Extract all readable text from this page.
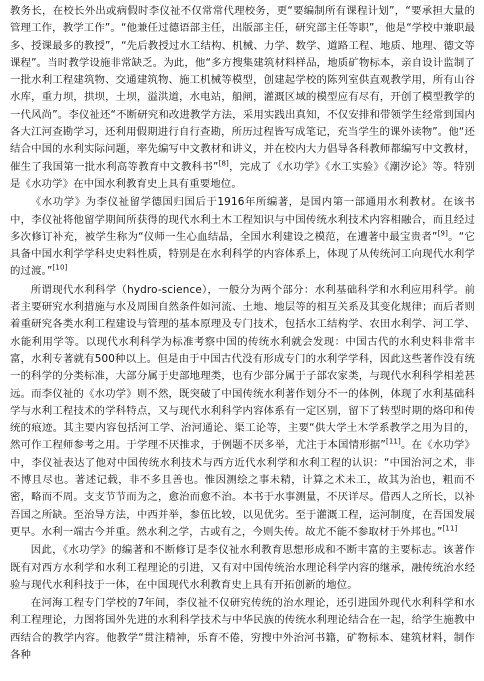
教务长，在校长外出或病假时李仪祉不仅常常代理校务，更“要编制所有课程计划”，“要承担大量的管理工作，教学工作”。“他兼任过德语部主任，出版部主任，研究部主任等职”，他是“学校中兼职最多、授课最多的教授”，“先后教授过水工结构、机械、力学、数学、道路工程、地质、地理、德文等课程”。当时教学设施非常缺乏。为此，他“多方搜集建筑材料样品，地质矿物标本，亲自设计监制了一批水利工程建筑物、交通建筑物、施工机械等模型，创建起学校的陈列室供直观教学用，所有山谷水库，重力坝，拱坝，土坝，溢洪道，水电站，船闸，灌溉区域的模型应有尽有，开创了模型教学的一代风尚”。李仪祉还“不断研究和改进教学方法，采用实践出真知，不仅安排和带领学生经常到国内各大江河查勘学习，还利用假期进行自行查勘，所历过程皆写成笔记，充当学生的课外读物”。他“还结合中国的水利实际问题，率先编写中文教材和讲义，并在校内大力倡导各科教师都编写中文教材，催生了我国第一批水利高等教育中文教科书”[8]，完成了《水功学》《水工实验》《潮汐论》等。特别是《水功学》在中国水利教育史上具有重要地位。

《水功学》为李仪祉留学德国归国后于1916年所编著，是国内第一部通用水利教材。在该书中，李仪祉将他留学期间所获得的现代水利土木工程知识与中国传统水利技术内容相融合，而且经过多次修订补充，被学生称为“仪师一生心血结晶，全国水利建设之模范，在遭著中最宝贵者”[9]。“它具备中国水利学学科史史料性质，特别是在水利科学的内容体系上，体现了从传统河工向现代水利学的过渡。”[10]

所谓现代水利科学（hydro-science），一般分为两个部分：水利基础科学和水利应用科学。前者主要研究水利措施与水及周围自然条件如河流、土地、地层等的相互关系及其变化规律；而后者则着重研究各类水利工程建设与管理的基本原理及专门技术，包括水工结构学、农田水利学、河工学、水能利用学等。以现代水利科学为标准考察中国的传统水利就会发现：中国古代的水利史料非常丰富，水利专著就有500种以上。但是由于中国古代没有形成专门的水利学学科，因此这些著作没有统一的科学的分类标准，大部分属于史部地理类，也有少部分属于子部农家类，与现代水利科学相差甚远。而李仪祉的《水功学》则不然，既突破了中国传统水利著作划分不一的体例，体现了水利基础科学与水利工程技术的学科特点，又与现代水利科学内容体系有一定区别，留下了转型时期的烙印和传统的痕迹。其主要内容包括河工学、治河通论、渠工论等，主要“供大学土木学系教学之用为目的，然可作工程师参考之用。于学理不厌推求，于例题不厌多举，尤注于本国情形据”[11]。在《水功学》中，李仪祉表达了他对中国传统水利技术与西方近代水利学和水利工程的认识：“中国治河之术，非不博且尽也。著述记载，非不多且善也。惟因测绘之事未精，计算之术未工，故其为治也，粗而不密，略而不周。支支节节而为之，愈治而愈不治。本书于水事测量，不厌详尽。借西人之所长，以补吾国之所缺。至治导方法，中西并举，参伍比较，以见优劣。至于灌溉工程，运河制度，在吾国发展更早。水利一端古今并重。然水利之学，古或有之，今则失传。故尤不能不参取材于外邦也。”[11]

因此，《水功学》的编著和不断修订是李仪祉水利教育思想形成和不断丰富的主要标志。该著作既有对西方水利学和水利工程理论的引进，又有对中国传统治水理论科学内容的继承，融传统治水经验与现代水利科技于一体，在中国现代水利教育史上具有开拓创新的地位。

在河海工程专门学校的7年间，李仪祉不仅研究传统的治水理论，还引进国外现代水利科学和水利工程理论，力图将国外先进的水利科学技术与中华民族的传统水利理论结合在一起，给学生施教中西结合的教学内容。他教学“贯注精神，乐育不倦，穷搜中外治河书籍，矿物标本、建筑材料，制作各种
